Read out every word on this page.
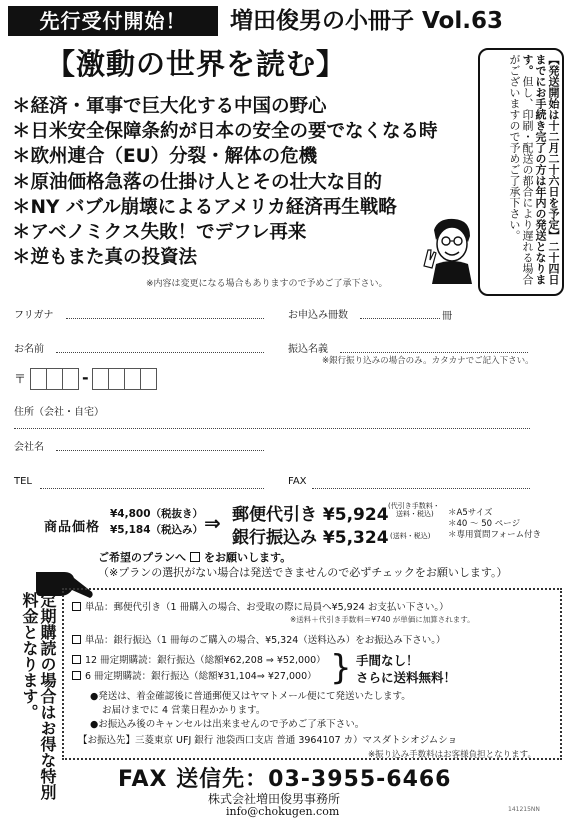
先行受付開始！	増田俊男の小冊子 Vol.63
【激動の世界を読む】
＊経済・軍事で巨大化する中国の野心
＊日米安全保障条約が日本の安全の要でなくなる時
＊欧州連合（EU）分裂・解体の危機
＊原油価格急落の仕掛け人とその壮大な目的
＊NY バブル崩壊によるアメリカ経済再生戦略
＊アベノミクス失敗！でデフレ再来
＊逆もまた真の投資法	【発送開始は十二月二十六日を予定】二十四日までにお手続き完了の方は年内の発送となります。但し、印刷・配送の都合により遅れる場合がございますので予めご了承下さい。
※内容は変更になる場合もありますので予めご了承下さい。
フリガナ	お申込み冊数	冊
お名前	振込名義
※銀行振り込みの場合のみ。カタカナでご記入下さい。
〒	-
住所（会社・自宅）
会社名
TEL	FAX
商品価格
¥4,800（税抜き）
¥5,184（税込み） ⇒ 郵便代引き ¥5,924 (代引き手数料・
送料・税込)
銀行振込み ¥5,324 (送料・税込)
＊A5サイズ
＊40 ～ 50 ページ
＊専用質問フォーム付き
ご希望のプランへ をお願いします。
（※プランの選択がない場合は発送できませんので必ずチェックをお願いします。）
定期購読の場合はお得な特別料金となります。	単品：郵便代引き（1 冊購入の場合、お受取の際に局員へ¥5,924 お支払い下さい。）
※送料＋代引き手数料＝¥740 が単価に加算されます。
単品：銀行振込（1 冊毎のご購入の場合、¥5,324（送料込み）をお振込み下さい。）
12 冊定期購読：銀行振込（総額¥62,208 ⇒ ¥52,000）
6 冊定期購読：銀行振込（総額¥31,104⇒ ¥27,000） } 手間なし！
さらに送料無料！
●発送は、着金確認後に普通郵便又はヤマトメール便にて発送いたします。
お届けまでに 4 営業日程かかります。
●お振込み後のキャンセルは出来ませんので予めご了承下さい。
【お振込先】三菱東京 UFJ 銀行 池袋西口支店 普通 3964107 カ）マスダトシオジムショ
※振り込み手数料はお客様負担となります。
FAX 送信先：03-3955-6466
株式会社増田俊男事務所
info@chokugen.com	141215NN
